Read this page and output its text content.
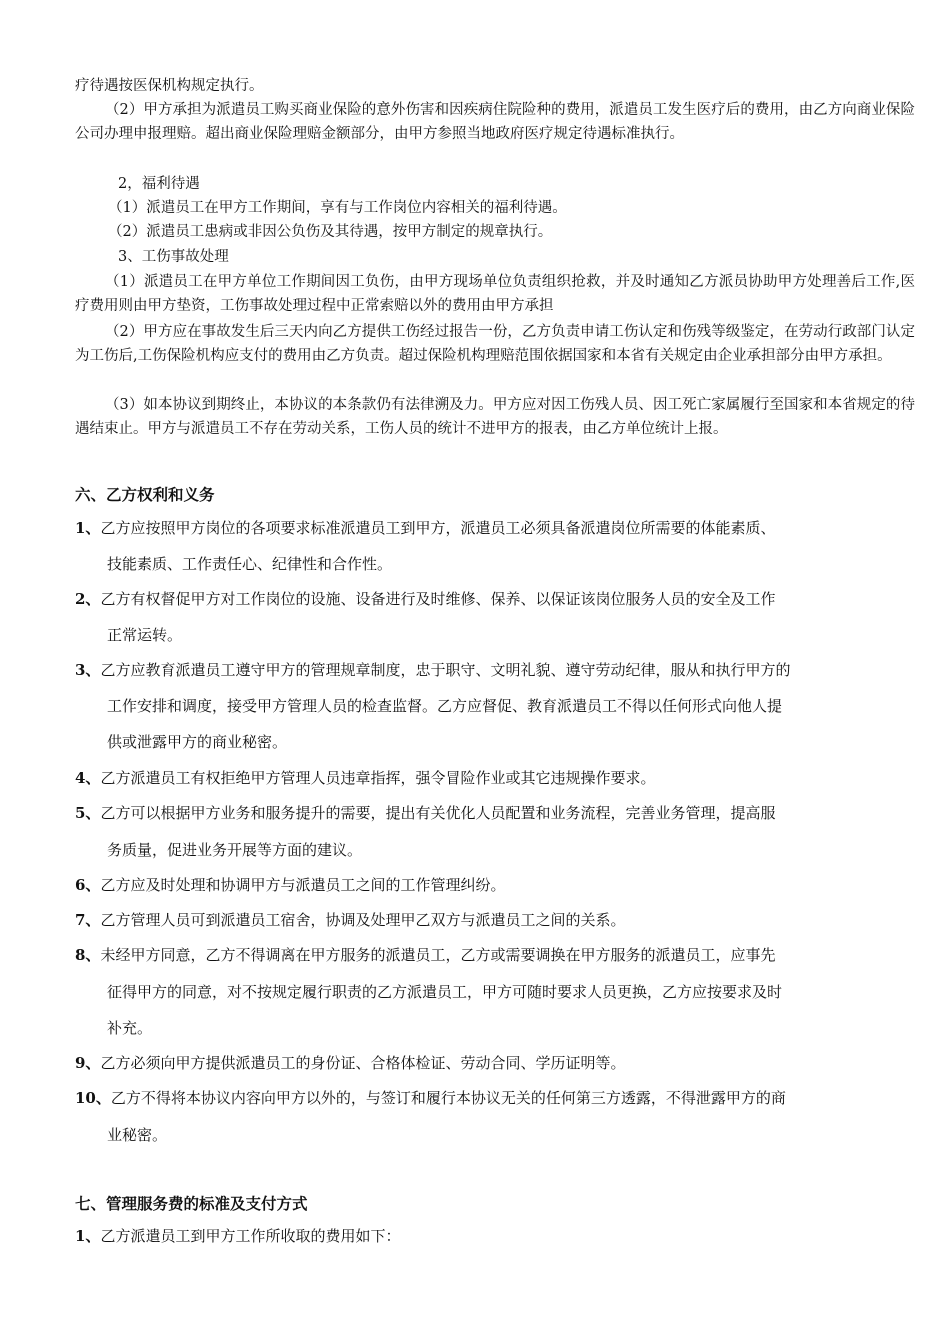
疗待遇按医保机构规定执行。
（2）甲方承担为派遣员工购买商业保险的意外伤害和因疾病住院险种的费用，派遣员工发生医疗后的费用，由乙方向商业保险公司办理申报理赔。超出商业保险理赔金额部分，由甲方参照当地政府医疗规定待遇标准执行。
2，福利待遇
（1）派遣员工在甲方工作期间，享有与工作岗位内容相关的福利待遇。
（2）派遣员工患病或非因公负伤及其待遇，按甲方制定的规章执行。
3、工伤事故处理
（1）派遣员工在甲方单位工作期间因工负伤，由甲方现场单位负责组织抢救，并及时通知乙方派员协助甲方处理善后工作,医疗费用则由甲方垫资，工伤事故处理过程中正常索赔以外的费用由甲方承担
（2）甲方应在事故发生后三天内向乙方提供工伤经过报告一份，乙方负责申请工伤认定和伤残等级鉴定，在劳动行政部门认定为工伤后,工伤保险机构应支付的费用由乙方负责。超过保险机构理赔范围依据国家和本省有关规定由企业承担部分由甲方承担。
（3）如本协议到期终止，本协议的本条款仍有法律溯及力。甲方应对因工伤残人员、因工死亡家属履行至国家和本省规定的待遇结束止。甲方与派遣员工不存在劳动关系，工伤人员的统计不进甲方的报表，由乙方单位统计上报。
六、乙方权利和义务
1、乙方应按照甲方岗位的各项要求标准派遣员工到甲方，派遣员工必须具备派遣岗位所需要的体能素质、
技能素质、工作责任心、纪律性和合作性。
2、乙方有权督促甲方对工作岗位的设施、设备进行及时维修、保养、以保证该岗位服务人员的安全及工作
正常运转。
3、乙方应教育派遣员工遵守甲方的管理规章制度，忠于职守、文明礼貌、遵守劳动纪律，服从和执行甲方的
工作安排和调度，接受甲方管理人员的检查监督。乙方应督促、教育派遣员工不得以任何形式向他人提
供或泄露甲方的商业秘密。
4、乙方派遣员工有权拒绝甲方管理人员违章指挥，强令冒险作业或其它违规操作要求。
5、乙方可以根据甲方业务和服务提升的需要，提出有关优化人员配置和业务流程，完善业务管理，提高服
务质量，促进业务开展等方面的建议。
6、乙方应及时处理和协调甲方与派遣员工之间的工作管理纠纷。
7、乙方管理人员可到派遣员工宿舍，协调及处理甲乙双方与派遣员工之间的关系。
8、未经甲方同意，乙方不得调离在甲方服务的派遣员工，乙方或需要调换在甲方服务的派遣员工，应事先
征得甲方的同意，对不按规定履行职责的乙方派遣员工，甲方可随时要求人员更换，乙方应按要求及时
补充。
9、乙方必须向甲方提供派遣员工的身份证、合格体检证、劳动合同、学历证明等。
10、乙方不得将本协议内容向甲方以外的，与签订和履行本协议无关的任何第三方透露，不得泄露甲方的商
业秘密。
七、管理服务费的标准及支付方式
1、乙方派遣员工到甲方工作所收取的费用如下：
